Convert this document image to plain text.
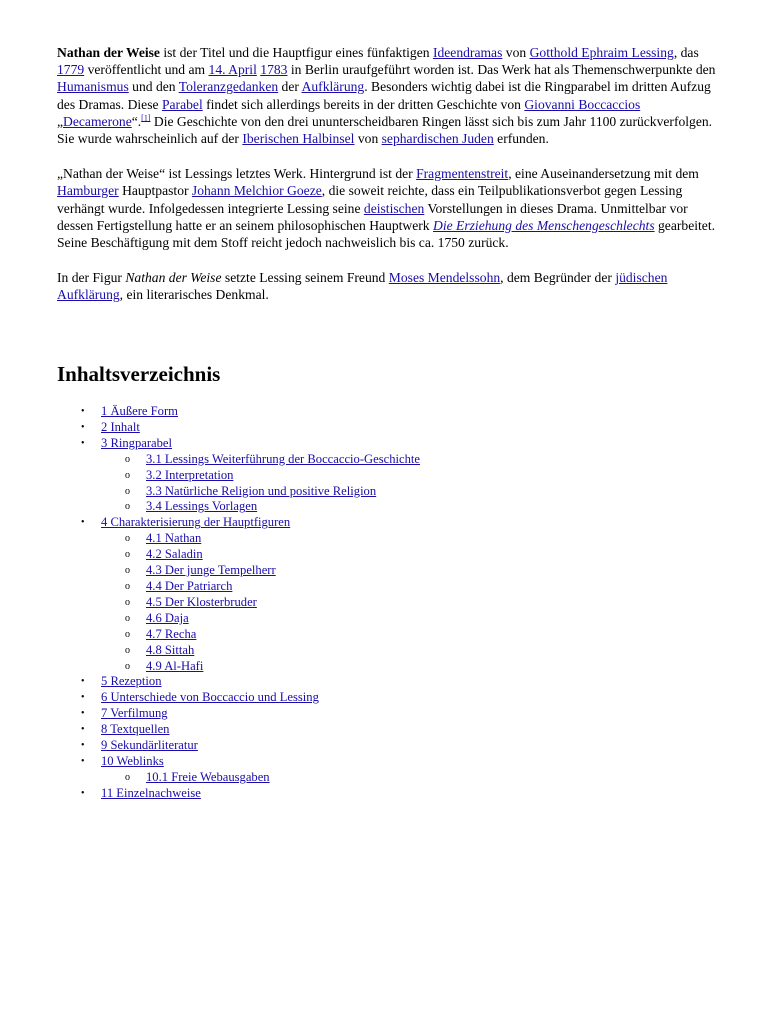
Nathan der Weise ist der Titel und die Hauptfigur eines fünfaktigen Ideendramas von Gotthold Ephraim Lessing, das 1779 veröffentlicht und am 14. April 1783 in Berlin uraufgeführt worden ist. Das Werk hat als Themenschwerpunkte den Humanismus und den Toleranzgedanken der Aufklärung. Besonders wichtig dabei ist die Ringparabel im dritten Aufzug des Dramas. Diese Parabel findet sich allerdings bereits in der dritten Geschichte von Giovanni Boccaccios „Decamerone“.[1] Die Geschichte von den drei ununterscheidbaren Ringen lässt sich bis zum Jahr 1100 zurückverfolgen. Sie wurde wahrscheinlich auf der Iberischen Halbinsel von sephardischen Juden erfunden.

„Nathan der Weise“ ist Lessings letztes Werk. Hintergrund ist der Fragmentenstreit, eine Auseinandersetzung mit dem Hamburger Hauptpastor Johann Melchior Goeze, die soweit reichte, dass ein Teilpublikationsverbot gegen Lessing verhängt wurde. Infolgedessen integrierte Lessing seine deistischen Vorstellungen in dieses Drama. Unmittelbar vor dessen Fertigstellung hatte er an seinem philosophischen Hauptwerk Die Erziehung des Menschengeschlechts gearbeitet. Seine Beschäftigung mit dem Stoff reicht jedoch nachweislich bis ca. 1750 zurück.

In der Figur Nathan der Weise setzte Lessing seinem Freund Moses Mendelssohn, dem Begründer der jüdischen Aufklärung, ein literarisches Denkmal.

Inhaltsverzeichnis
• 1 Äußere Form
• 2 Inhalt
• 3 Ringparabel
o 3.1 Lessings Weiterführung der Boccaccio-Geschichte
o 3.2 Interpretation
o 3.3 Natürliche Religion und positive Religion
o 3.4 Lessings Vorlagen
• 4 Charakterisierung der Hauptfiguren
o 4.1 Nathan
o 4.2 Saladin
o 4.3 Der junge Tempelherr
o 4.4 Der Patriarch
o 4.5 Der Klosterbruder
o 4.6 Daja
o 4.7 Recha
o 4.8 Sittah
o 4.9 Al-Hafi
• 5 Rezeption
• 6 Unterschiede von Boccaccio und Lessing
• 7 Verfilmung
• 8 Textquellen
• 9 Sekundärliteratur
• 10 Weblinks
o 10.1 Freie Webausgaben
• 11 Einzelnachweise
